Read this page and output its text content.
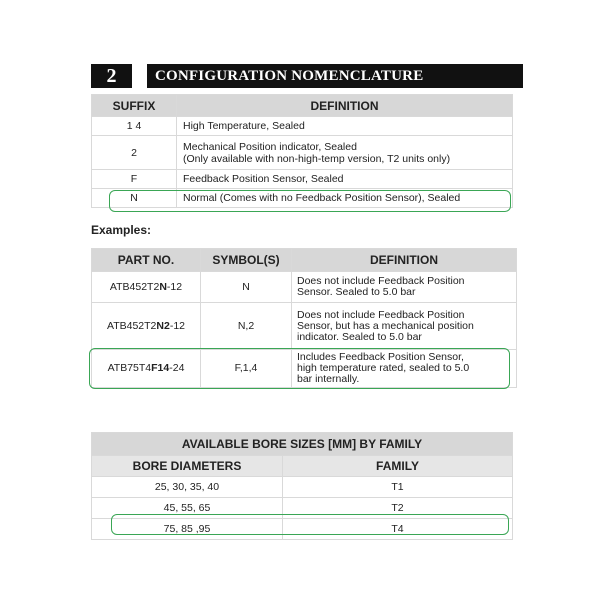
2	CONFIGURATION NOMENCLATURE
SUFFIX	DEFINITION
1 4	High Temperature, Sealed
2	Mechanical Position indicator, Sealed
(Only available with non-high-temp version, T2 units only)

F	Feedback Position Sensor, Sealed
N	Normal (Comes with no Feedback Position Sensor), Sealed
Examples:
PART NO.	SYMBOL(S)	DEFINITION
ATB452T2N-12	N	Does not include Feedback Position
Sensor. Sealed to 5.0 bar

ATB452T2N2-12	N,2	Does not include Feedback Position
Sensor, but has a mechanical position
indicator. Sealed to 5.0 bar

ATB75T4F14-24	F,1,4	Includes Feedback Position Sensor,
high temperature rated, sealed to 5.0
bar internally.
AVAILABLE BORE SIZES [MM] BY FAMILY	
BORE DIAMETERS	FAMILY
25, 30, 35, 40	T1
45, 55, 65	T2
75, 85 ,95	T4
